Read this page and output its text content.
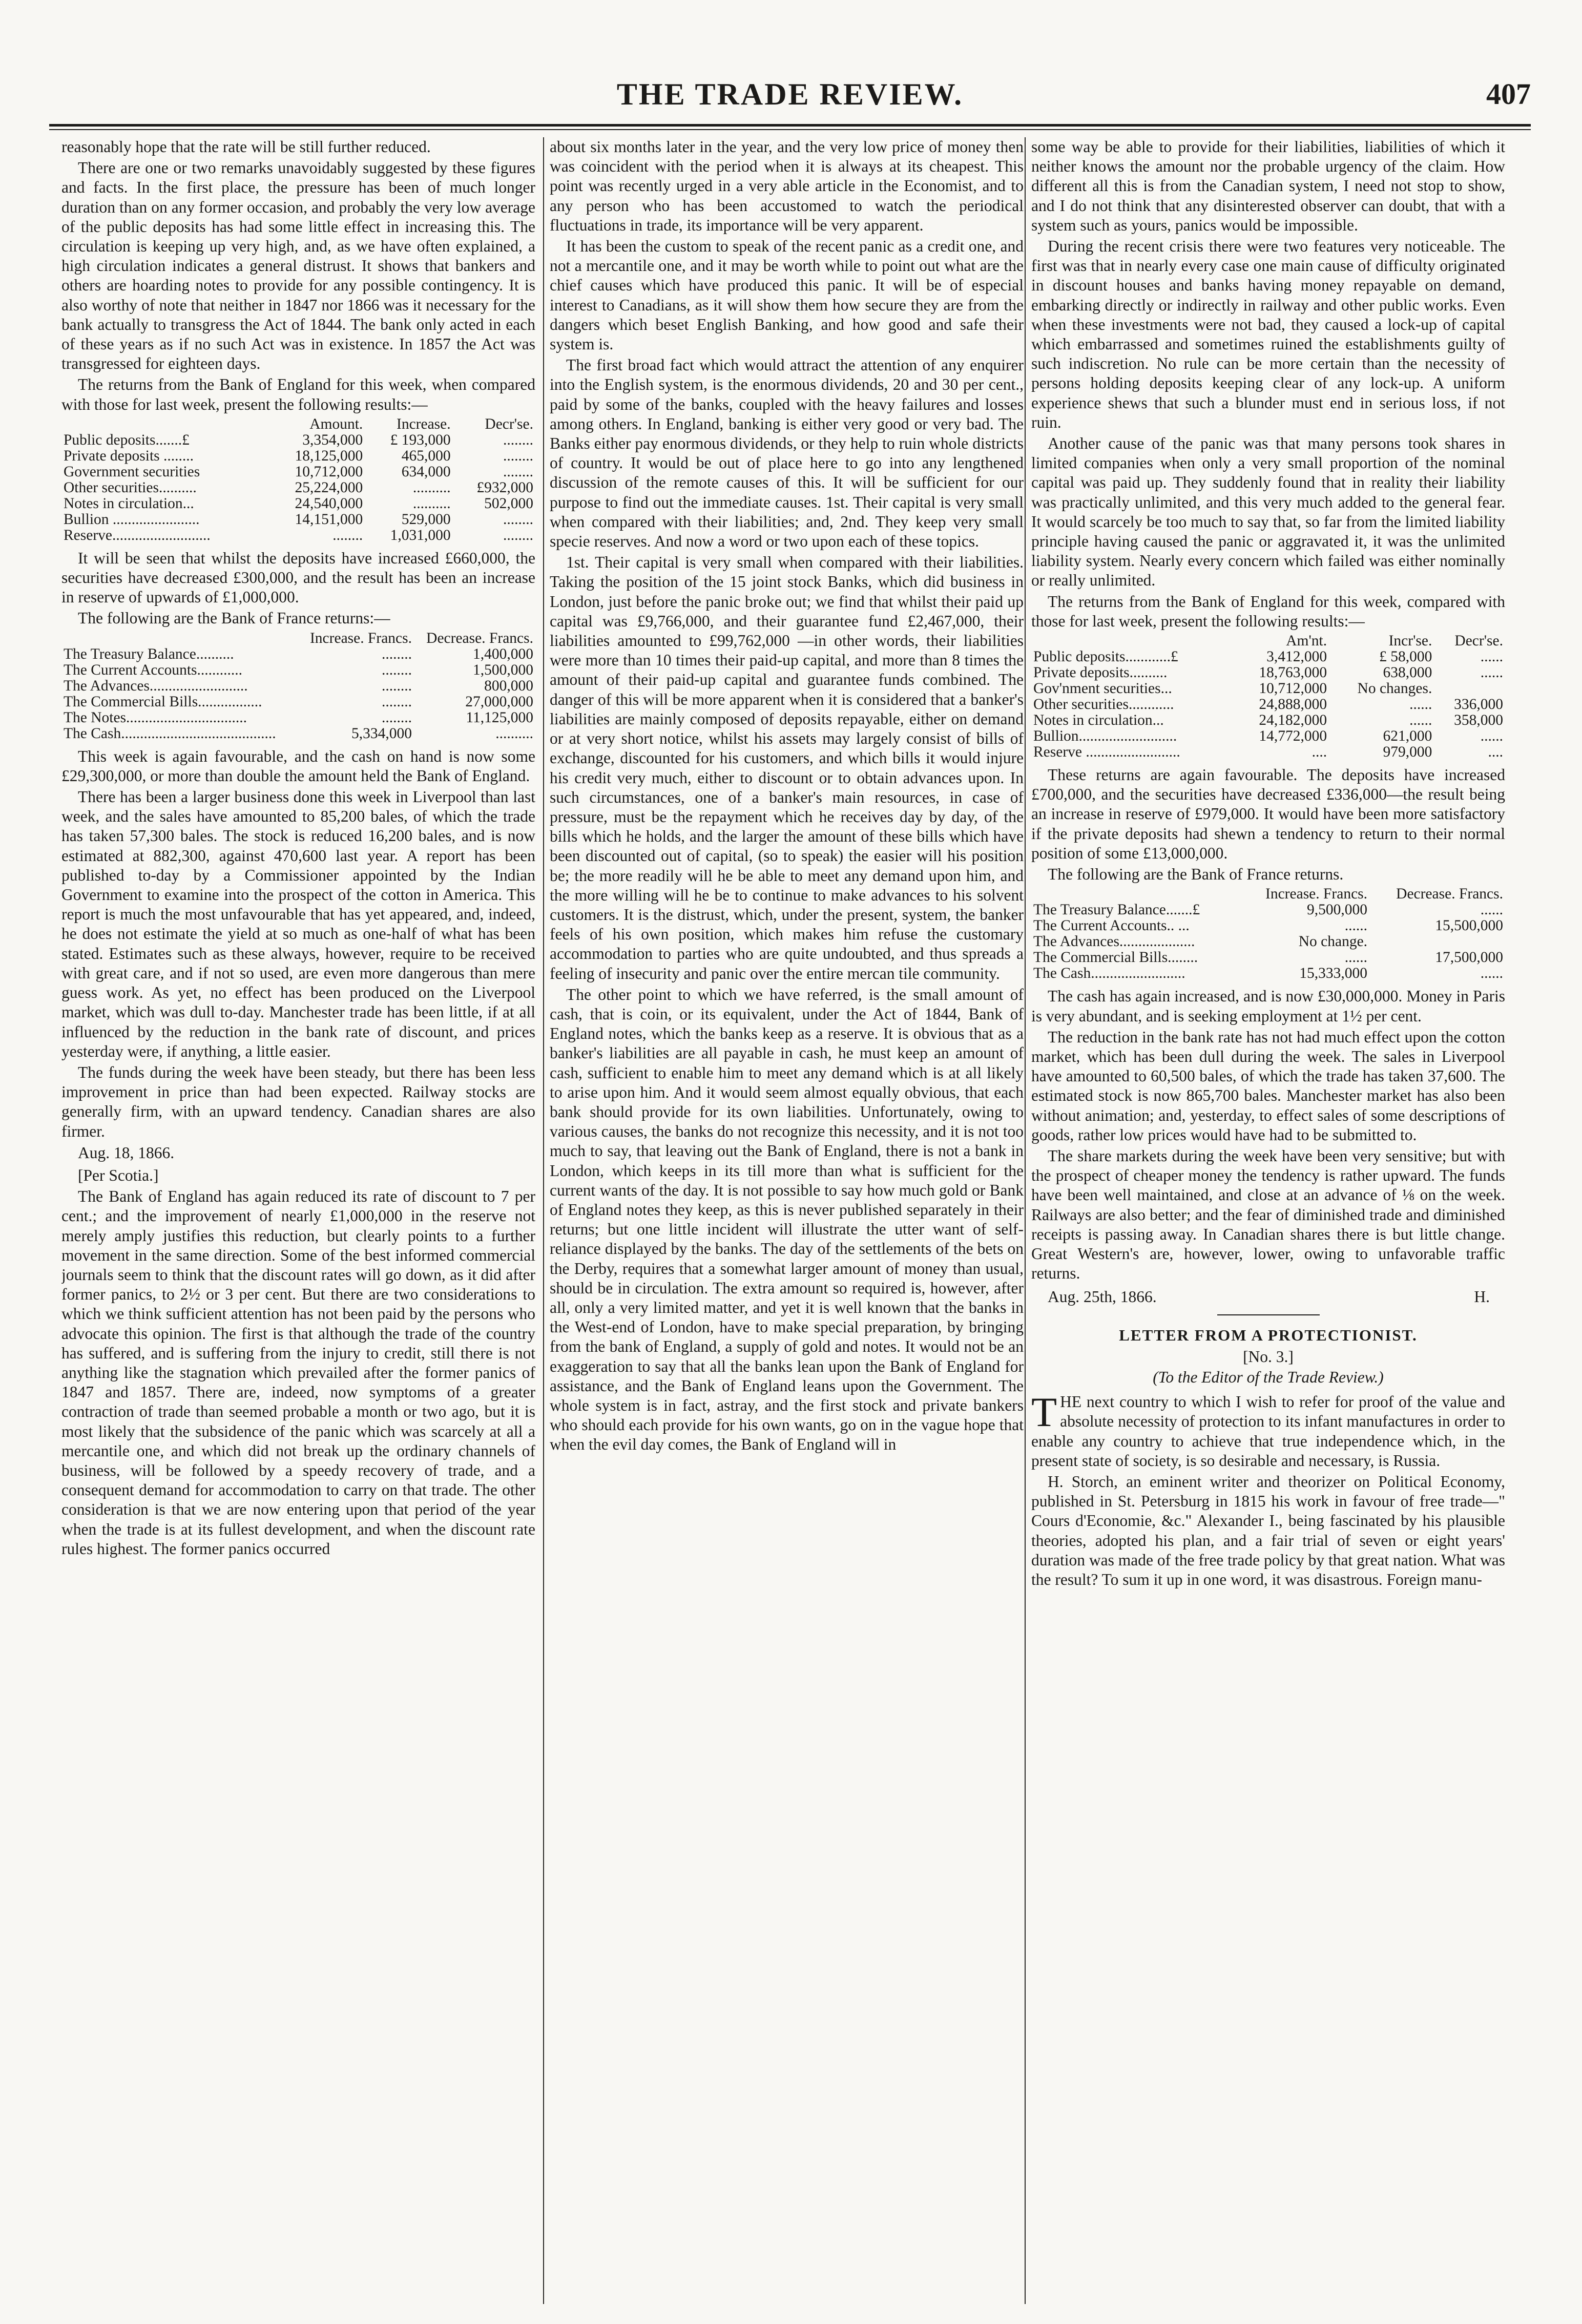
THE TRADE REVIEW.	407

reasonably hope that the rate will be still further reduced.

There are one or two remarks unavoidably suggested by these figures and facts. In the first place, the pressure has been of much longer duration than on any former occasion, and probably the very low average of the public deposits has had some little effect in increasing this. The circulation is keeping up very high, and, as we have often explained, a high circulation indicates a general distrust. It shows that bankers and others are hoarding notes to provide for any possible contingency. It is also worthy of note that neither in 1847 nor 1866 was it necessary for the bank actually to transgress the Act of 1844. The bank only acted in each of these years as if no such Act was in existence. In 1857 the Act was transgressed for eighteen days.

The returns from the Bank of England for this week, when compared with those for last week, present the following results:—

	Amount.	Increase.	Decr'se.
Public deposits.......£	3,354,000	£ 193,000	........
Private deposits ........	18,125,000	465,000	........
Government securities	10,712,000	634,000	........
Other securities..........	25,224,000	..........	£932,000
Notes in circulation...	24,540,000	..........	502,000
Bullion .......................	14,151,000	529,000	........
Reserve..........................	........	1,031,000	........

It will be seen that whilst the deposits have increased £660,000, the securities have decreased £300,000, and the result has been an increase in reserve of upwards of £1,000,000.

The following are the Bank of France returns:—

	Increase. Francs.	Decrease. Francs.
The Treasury Balance..........	........	1,400,000
The Current Accounts............	........	1,500,000
The Advances..........................	........	800,000
The Commercial Bills.................	........	27,000,000
The Notes................................	........	11,125,000
The Cash.........................................	5,334,000	..........

This week is again favourable, and the cash on hand is now some £29,300,000, or more than double the amount held the Bank of England.

There has been a larger business done this week in Liverpool than last week, and the sales have amounted to 85,200 bales, of which the trade has taken 57,300 bales. The stock is reduced 16,200 bales, and is now estimated at 882,300, against 470,600 last year. A report has been published to-day by a Commissioner appointed by the Indian Government to examine into the prospect of the cotton in America. This report is much the most unfavourable that has yet appeared, and, indeed, he does not estimate the yield at so much as one-half of what has been stated. Estimates such as these always, however, require to be received with great care, and if not so used, are even more dangerous than mere guess work. As yet, no effect has been produced on the Liverpool market, which was dull to-day. Manchester trade has been little, if at all influenced by the reduction in the bank rate of discount, and prices yesterday were, if anything, a little easier.

The funds during the week have been steady, but there has been less improvement in price than had been expected. Railway stocks are generally firm, with an upward tendency. Canadian shares are also firmer.

Aug. 18, 1866.

[Per Scotia.]

The Bank of England has again reduced its rate of discount to 7 per cent.; and the improvement of nearly £1,000,000 in the reserve not merely amply justifies this reduction, but clearly points to a further movement in the same direction. Some of the best informed commercial journals seem to think that the discount rates will go down, as it did after former panics, to 2½ or 3 per cent. But there are two considerations to which we think sufficient attention has not been paid by the persons who advocate this opinion. The first is that although the trade of the country has suffered, and is suffering from the injury to credit, still there is not anything like the stagnation which prevailed after the former panics of 1847 and 1857. There are, indeed, now symptoms of a greater contraction of trade than seemed probable a month or two ago, but it is most likely that the subsidence of the panic which was scarcely at all a mercantile one, and which did not break up the ordinary channels of business, will be followed by a speedy recovery of trade, and a consequent demand for accommodation to carry on that trade. The other consideration is that we are now entering upon that period of the year when the trade is at its fullest development, and when the discount rate rules highest. The former panics occurred

about six months later in the year, and the very low price of money then was coincident with the period when it is always at its cheapest. This point was recently urged in a very able article in the Economist, and to any person who has been accustomed to watch the periodical fluctuations in trade, its importance will be very apparent.

It has been the custom to speak of the recent panic as a credit one, and not a mercantile one, and it may be worth while to point out what are the chief causes which have produced this panic. It will be of especial interest to Canadians, as it will show them how secure they are from the dangers which beset English Banking, and how good and safe their system is.

The first broad fact which would attract the attention of any enquirer into the English system, is the enormous dividends, 20 and 30 per cent., paid by some of the banks, coupled with the heavy failures and losses among others. In England, banking is either very good or very bad. The Banks either pay enormous dividends, or they help to ruin whole districts of country. It would be out of place here to go into any lengthened discussion of the remote causes of this. It will be sufficient for our purpose to find out the immediate causes. 1st. Their capital is very small when compared with their liabilities; and, 2nd. They keep very small specie reserves. And now a word or two upon each of these topics.

1st. Their capital is very small when compared with their liabilities. Taking the position of the 15 joint stock Banks, which did business in London, just before the panic broke out; we find that whilst their paid up capital was £9,766,000, and their guarantee fund £2,467,000, their liabilities amounted to £99,762,000 —in other words, their liabilities were more than 10 times their paid-up capital, and more than 8 times the amount of their paid-up capital and guarantee funds combined. The danger of this will be more apparent when it is considered that a banker's liabilities are mainly composed of deposits repayable, either on demand or at very short notice, whilst his assets may largely consist of bills of exchange, discounted for his customers, and which bills it would injure his credit very much, either to discount or to obtain advances upon. In such circumstances, one of a banker's main resources, in case of pressure, must be the repayment which he receives day by day, of the bills which he holds, and the larger the amount of these bills which have been discounted out of capital, (so to speak) the easier will his position be; the more readily will he be able to meet any demand upon him, and the more willing will he be to continue to make advances to his solvent customers. It is the distrust, which, under the present, system, the banker feels of his own position, which makes him refuse the customary accommodation to parties who are quite undoubted, and thus spreads a feeling of insecurity and panic over the entire mercan tile community.

The other point to which we have referred, is the small amount of cash, that is coin, or its equivalent, under the Act of 1844, Bank of England notes, which the banks keep as a reserve. It is obvious that as a banker's liabilities are all payable in cash, he must keep an amount of cash, sufficient to enable him to meet any demand which is at all likely to arise upon him. And it would seem almost equally obvious, that each bank should provide for its own liabilities. Unfortunately, owing to various causes, the banks do not recognize this necessity, and it is not too much to say, that leaving out the Bank of England, there is not a bank in London, which keeps in its till more than what is sufficient for the current wants of the day. It is not possible to say how much gold or Bank of England notes they keep, as this is never published separately in their returns; but one little incident will illustrate the utter want of self-reliance displayed by the banks. The day of the settlements of the bets on the Derby, requires that a somewhat larger amount of money than usual, should be in circulation. The extra amount so required is, however, after all, only a very limited matter, and yet it is well known that the banks in the West-end of London, have to make special preparation, by bringing from the bank of England, a supply of gold and notes. It would not be an exaggeration to say that all the banks lean upon the Bank of England for assistance, and the Bank of England leans upon the Government. The whole system is in fact, astray, and the first stock and private bankers who should each provide for his own wants, go on in the vague hope that when the evil day comes, the Bank of England will in

some way be able to provide for their liabilities, liabilities of which it neither knows the amount nor the probable urgency of the claim. How different all this is from the Canadian system, I need not stop to show, and I do not think that any disinterested observer can doubt, that with a system such as yours, panics would be impossible.

During the recent crisis there were two features very noticeable. The first was that in nearly every case one main cause of difficulty originated in discount houses and banks having money repayable on demand, embarking directly or indirectly in railway and other public works. Even when these investments were not bad, they caused a lock-up of capital which embarrassed and sometimes ruined the establishments guilty of such indiscretion. No rule can be more certain than the necessity of persons holding deposits keeping clear of any lock-up. A uniform experience shews that such a blunder must end in serious loss, if not ruin.

Another cause of the panic was that many persons took shares in limited companies when only a very small proportion of the nominal capital was paid up. They suddenly found that in reality their liability was practically unlimited, and this very much added to the general fear. It would scarcely be too much to say that, so far from the limited liability principle having caused the panic or aggravated it, it was the unlimited liability system. Nearly every concern which failed was either nominally or really unlimited.

The returns from the Bank of England for this week, compared with those for last week, present the following results:—

	Am'nt.	Incr'se.	Decr'se.
Public deposits............£	3,412,000	£ 58,000	......
Private deposits..........	18,763,000	638,000	......
Gov'nment securities...	10,712,000	No changes.	
Other securities............	24,888,000	......	336,000
Notes in circulation...	24,182,000	......	358,000
Bullion..........................	14,772,000	621,000	......
Reserve .........................	....	979,000	....

These returns are again favourable. The deposits have increased £700,000, and the securities have decreased £336,000—the result being an increase in reserve of £979,000. It would have been more satisfactory if the private deposits had shewn a tendency to return to their normal position of some £13,000,000.

The following are the Bank of France returns.

	Increase. Francs.	Decrease. Francs.
The Treasury Balance.......£	9,500,000	......
The Current Accounts.. ...	......	15,500,000
The Advances....................	No change.	
The Commercial Bills........	......	17,500,000
The Cash.........................	15,333,000	......

The cash has again increased, and is now £30,000,000. Money in Paris is very abundant, and is seeking employment at 1½ per cent.

The reduction in the bank rate has not had much effect upon the cotton market, which has been dull during the week. The sales in Liverpool have amounted to 60,500 bales, of which the trade has taken 37,600. The estimated stock is now 865,700 bales. Manchester market has also been without animation; and, yesterday, to effect sales of some descriptions of goods, rather low prices would have had to be submitted to.

The share markets during the week have been very sensitive; but with the prospect of cheaper money the tendency is rather upward. The funds have been well maintained, and close at an advance of ⅛ on the week. Railways are also better; and the fear of diminished trade and diminished receipts is passing away. In Canadian shares there is but little change. Great Western's are, however, lower, owing to unfavorable traffic returns.

Aug. 25th, 1866.	H.
LETTER FROM A PROTECTIONIST.
[No. 3.]
(To the Editor of the Trade Review.)

THE next country to which I wish to refer for proof of the value and absolute necessity of protection to its infant manufactures in order to enable any country to achieve that true independence which, in the present state of society, is so desirable and necessary, is Russia.

H. Storch, an eminent writer and theorizer on Political Economy, published in St. Petersburg in 1815 his work in favour of free trade—" Cours d'Economie, &c." Alexander I., being fascinated by his plausible theories, adopted his plan, and a fair trial of seven or eight years' duration was made of the free trade policy by that great nation. What was the result? To sum it up in one word, it was disastrous. Foreign manu-
